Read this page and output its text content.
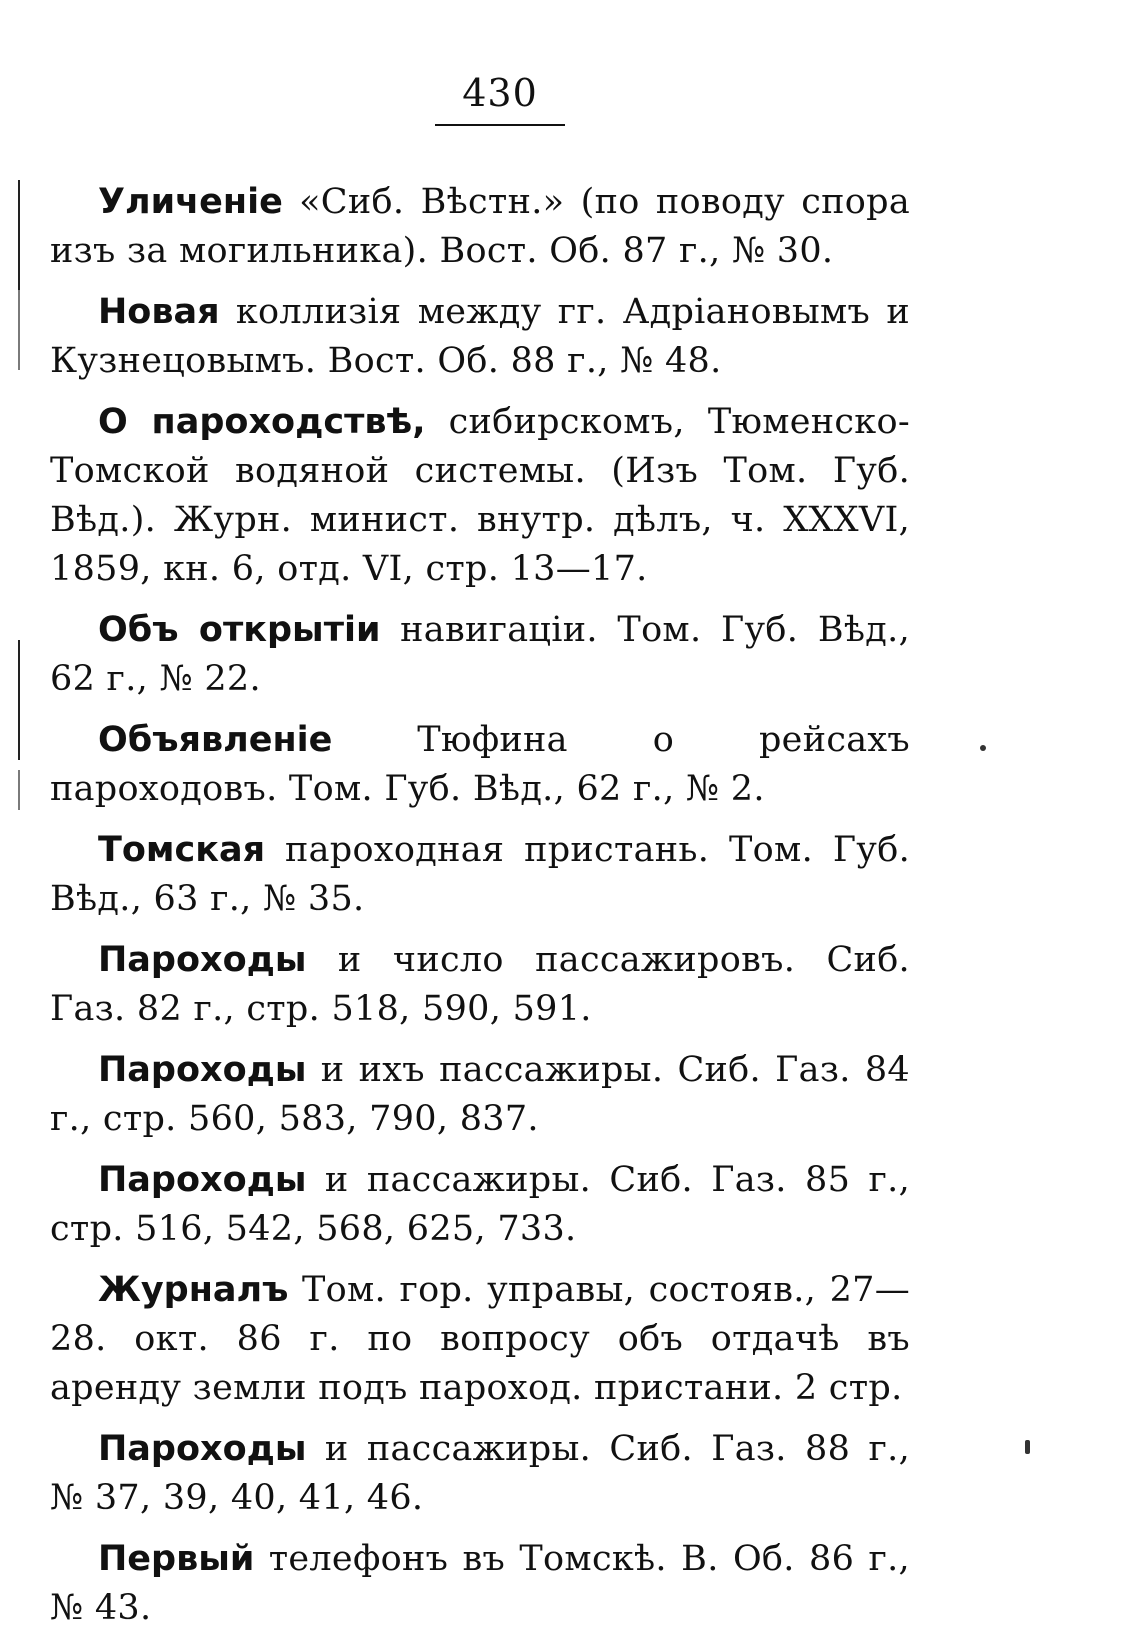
430

Уличеніе «Сиб. Вѣстн.» (по поводу спора изъ за могильника). Вост. Об. 87 г., № 30.

Новая коллизія между гг. Адріановымъ и Кузнецовымъ. Вост. Об. 88 г., № 48.

О пароходствѣ, сибирскомъ, Тюменско-Томской водяной системы. (Изъ Том. Губ. Вѣд.). Журн. минист. внутр. дѣлъ, ч. XXXVI, 1859, кн. 6, отд. VI, стр. 13—17.

Объ открытіи навигаціи. Том. Губ. Вѣд., 62 г., № 22.

Объявленіе Тюфина о рейсахъ пароходовъ. Том. Губ. Вѣд., 62 г., № 2.

Томская пароходная пристань. Том. Губ. Вѣд., 63 г., № 35.

Пароходы и число пассажировъ. Сиб. Газ. 82 г., стр. 518, 590, 591.

Пароходы и ихъ пассажиры. Сиб. Газ. 84 г., стр. 560, 583, 790, 837.

Пароходы и пассажиры. Сиб. Газ. 85 г., стр. 516, 542, 568, 625, 733.

Журналъ Том. гор. управы, состояв., 27—28. окт. 86 г. по вопросу объ отдачѣ въ аренду земли подъ пароход. пристани. 2 стр.

Пароходы и пассажиры. Сиб. Газ. 88 г., № 37, 39, 40, 41, 46.

Первый телефонъ въ Томскѣ. В. Об. 86 г., № 43.
